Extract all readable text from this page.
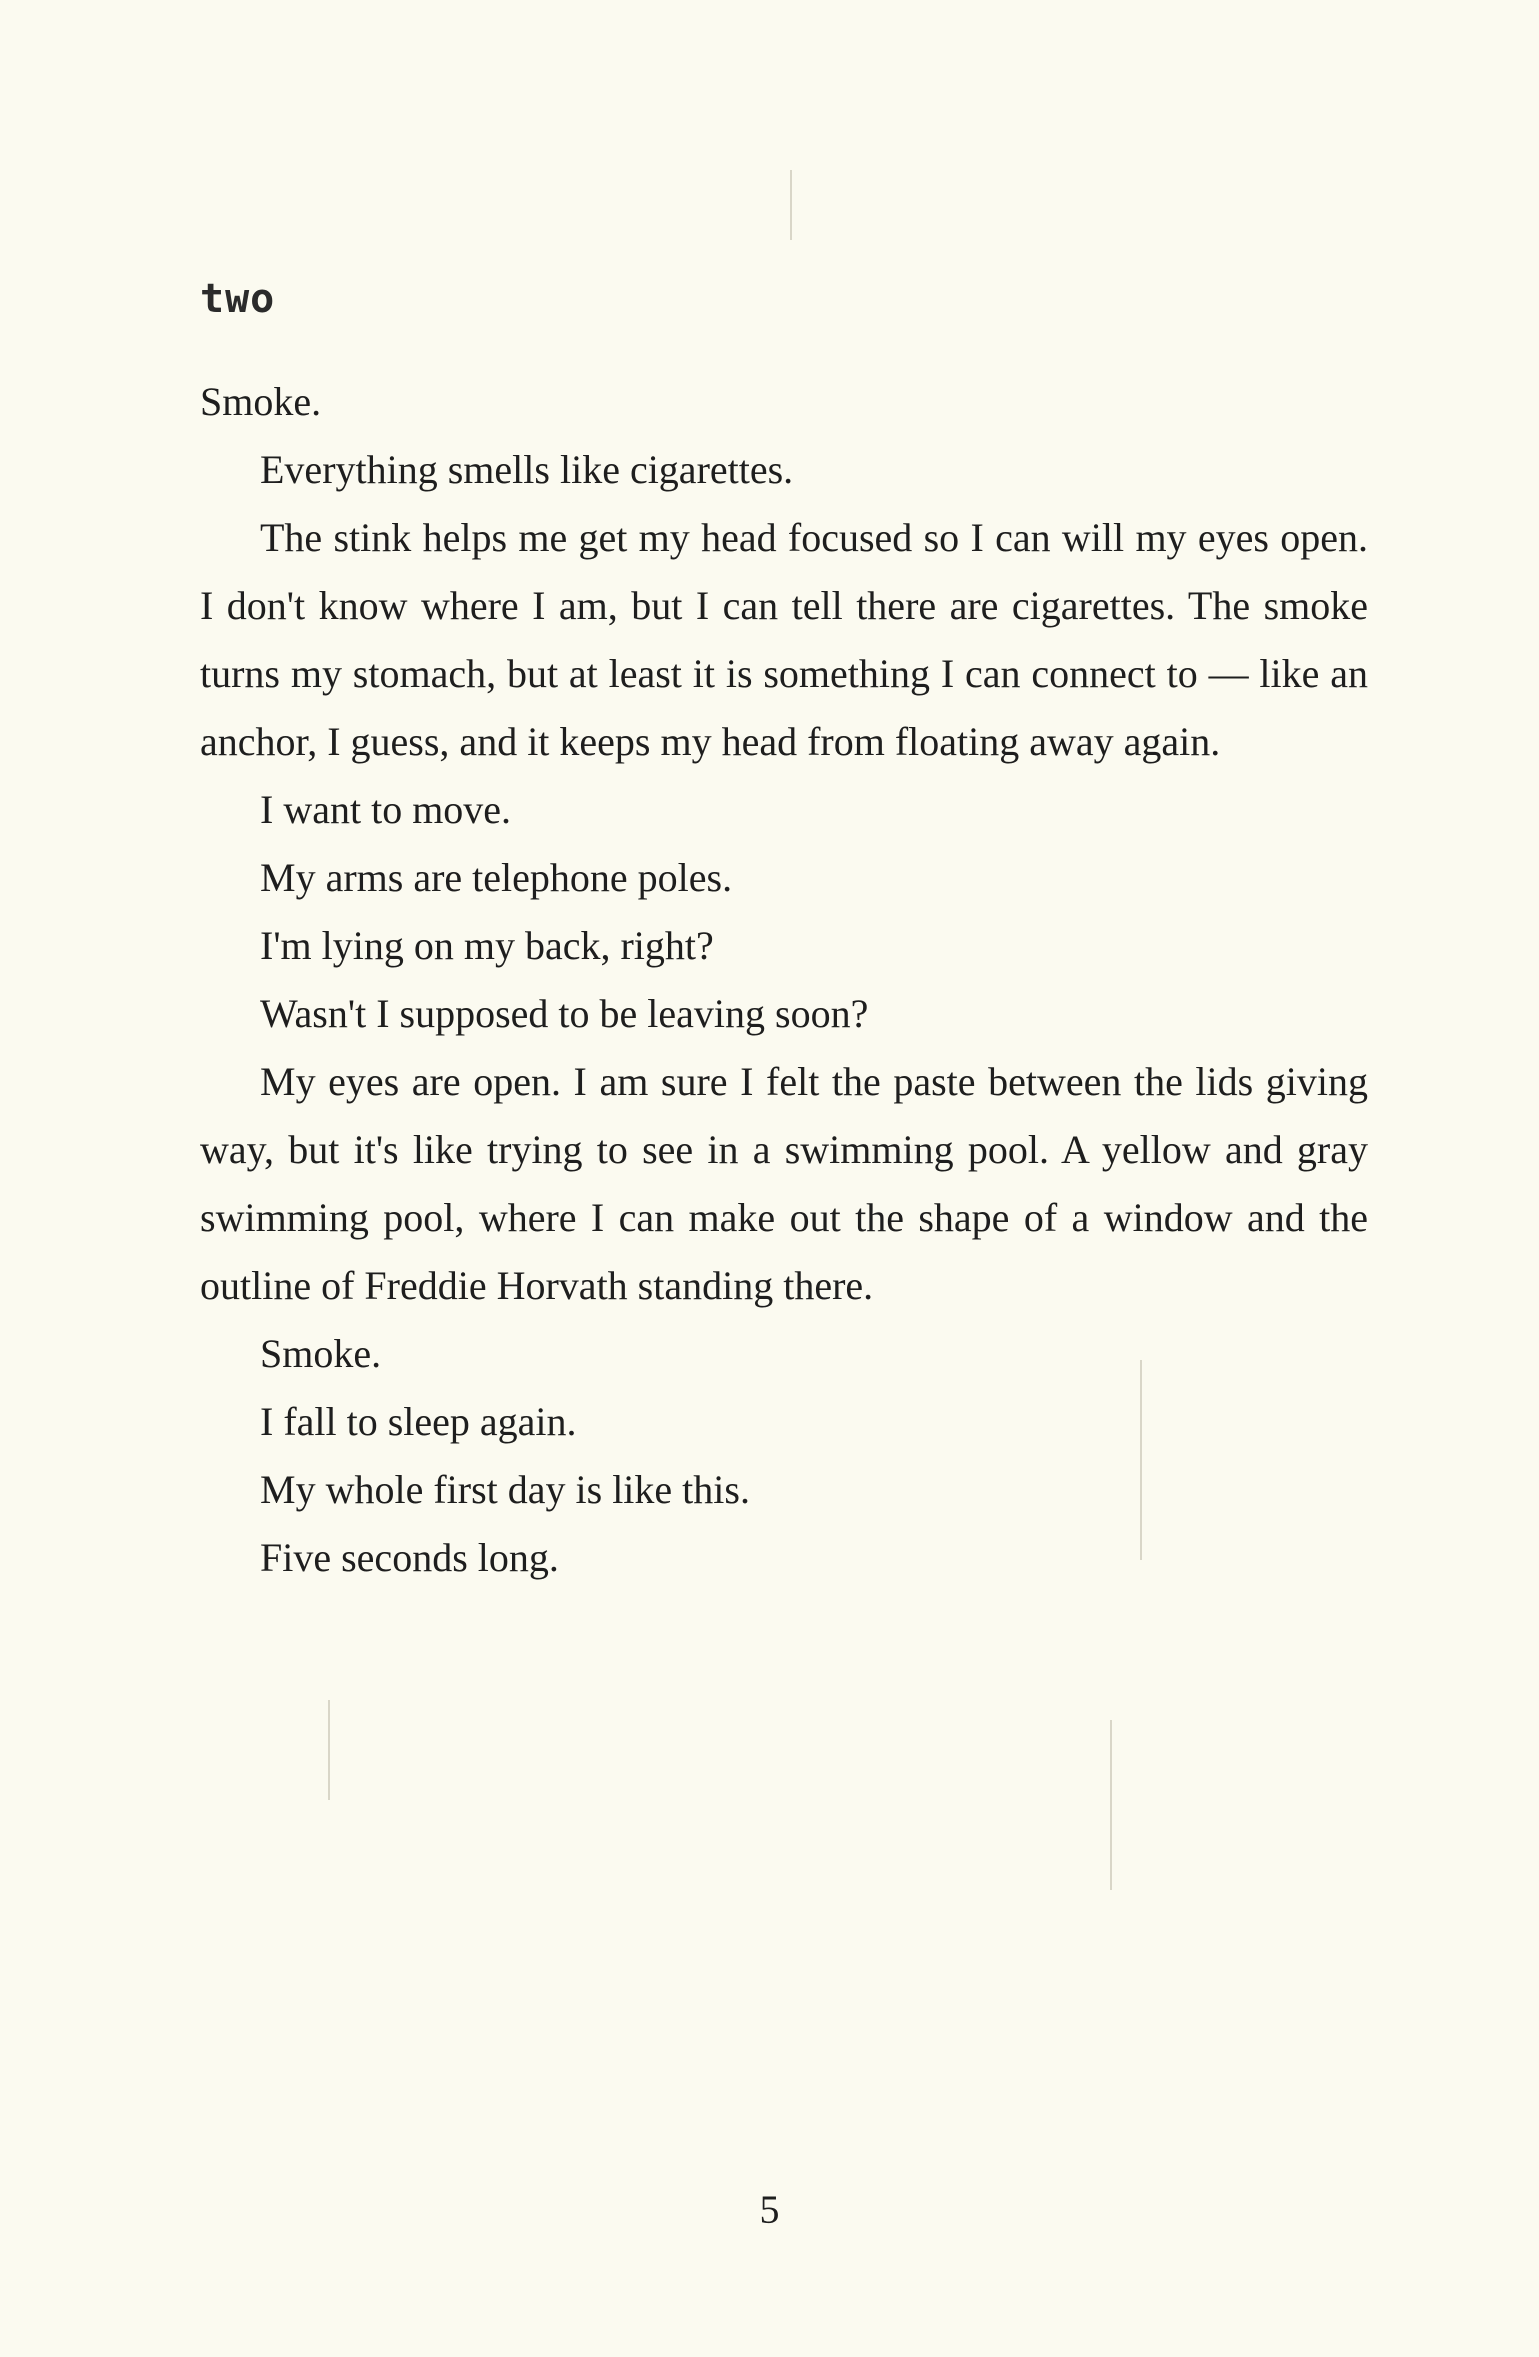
two

Smoke.

Everything smells like cigarettes.

The stink helps me get my head focused so I can will my eyes open. I don't know where I am, but I can tell there are cigarettes. The smoke turns my stomach, but at least it is something I can connect to — like an anchor, I guess, and it keeps my head from floating away again.

I want to move.

My arms are telephone poles.

I'm lying on my back, right?

Wasn't I supposed to be leaving soon?

My eyes are open. I am sure I felt the paste between the lids giving way, but it's like trying to see in a swimming pool. A yellow and gray swimming pool, where I can make out the shape of a window and the outline of Freddie Horvath standing there.

Smoke.

I fall to sleep again.

My whole first day is like this.

Five seconds long.

5
